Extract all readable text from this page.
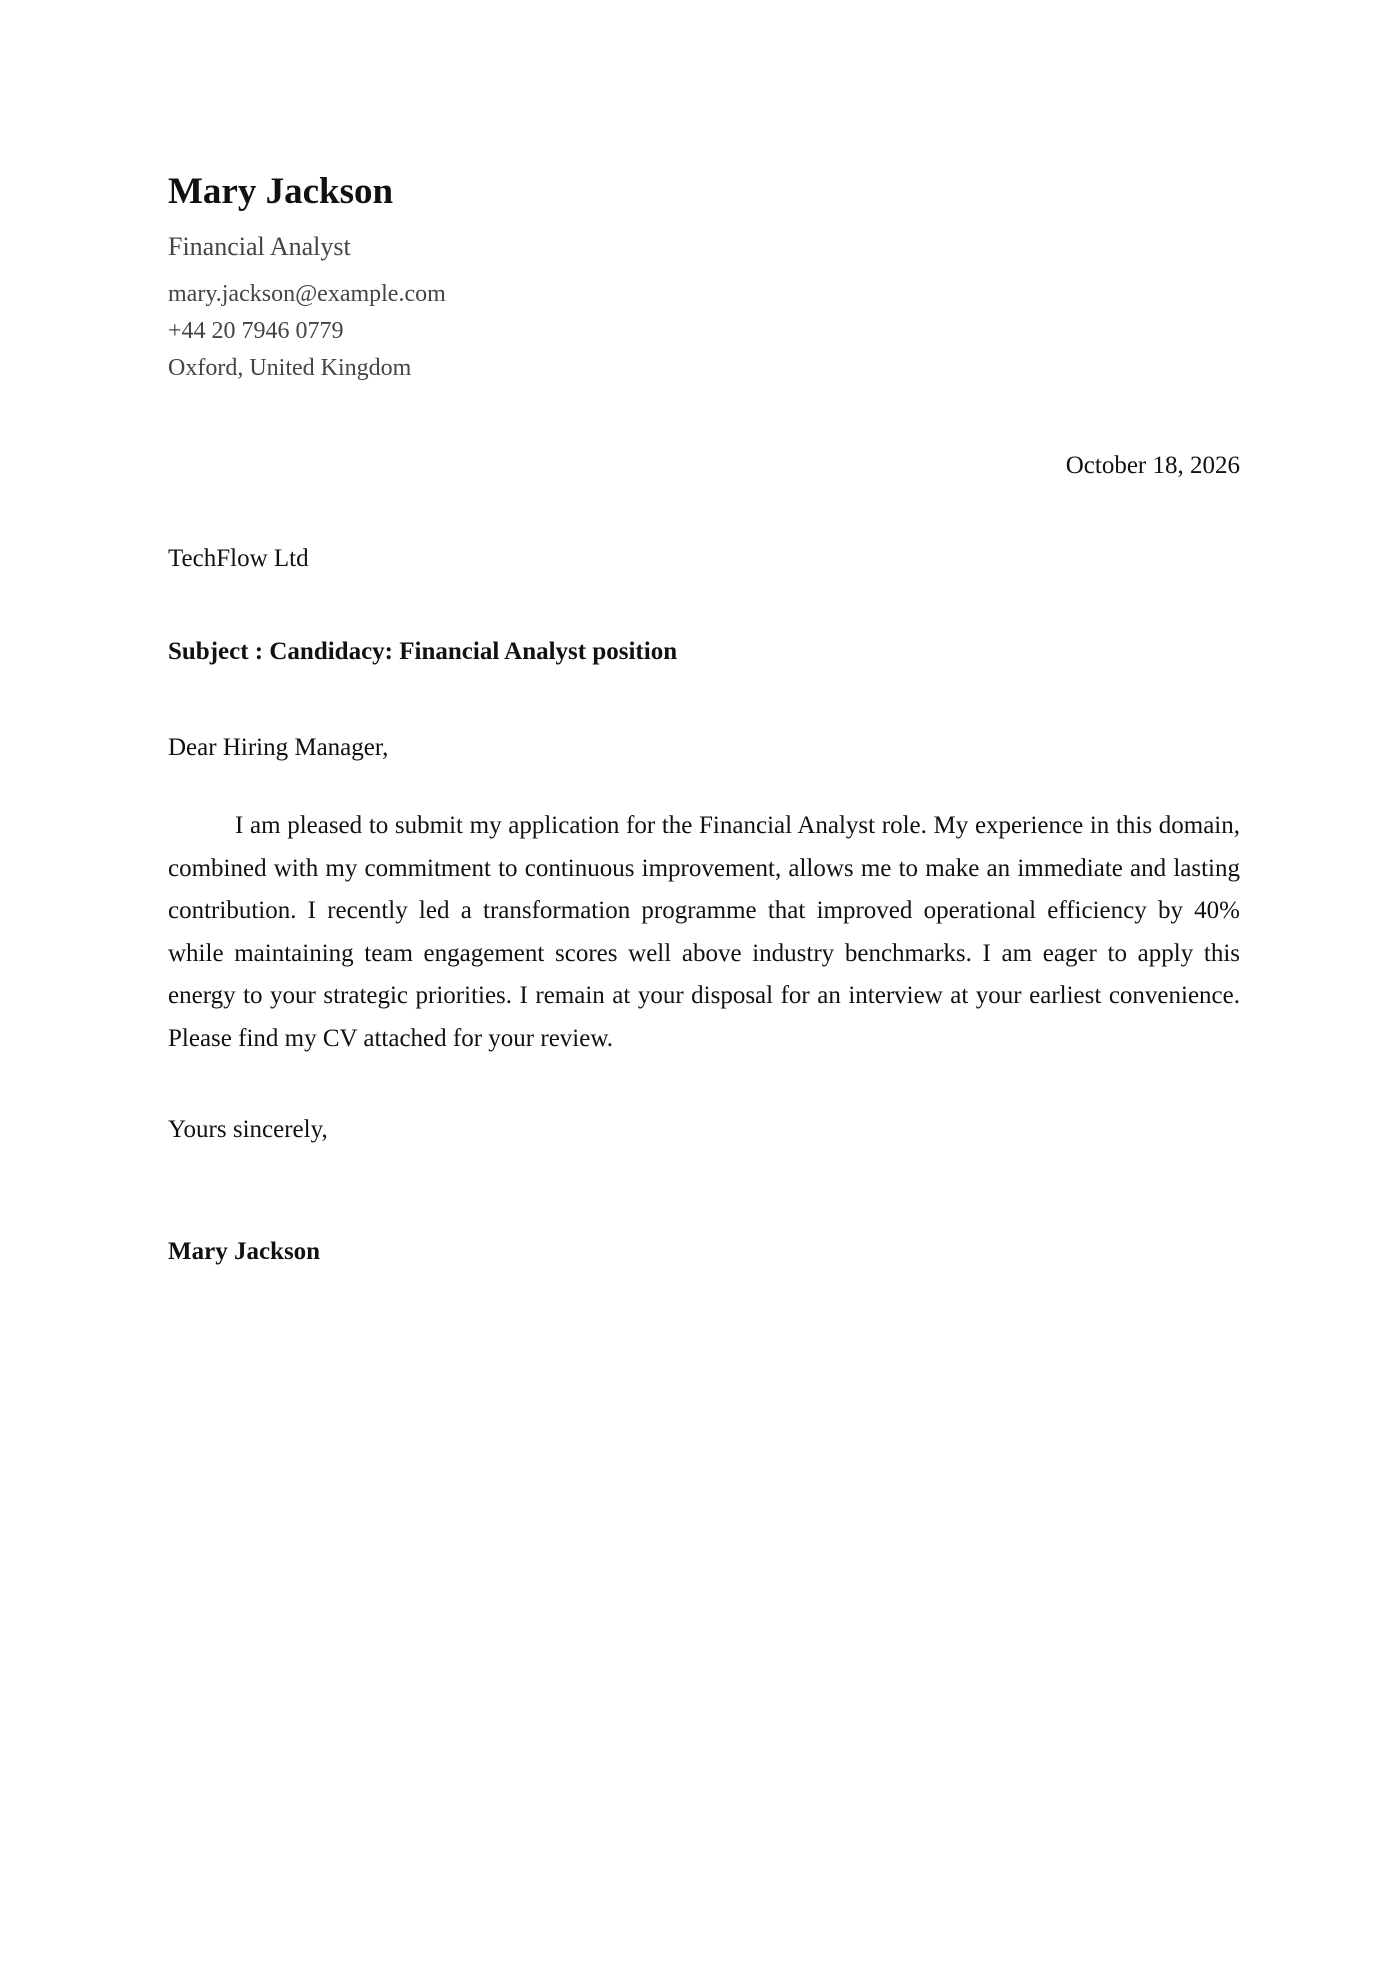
Mary Jackson
Financial Analyst
mary.jackson@example.com
+44 20 7946 0779
Oxford, United Kingdom
October 18, 2026
TechFlow Ltd
Subject : Candidacy: Financial Analyst position
Dear Hiring Manager,

I am pleased to submit my application for the Financial Analyst role. My experience in this domain, combined with my commitment to continuous improvement, allows me to make an immediate and lasting contribution. I recently led a transformation programme that improved operational efficiency by 40% while maintaining team engagement scores well above industry benchmarks. I am eager to apply this energy to your strategic priorities. I remain at your disposal for an interview at your earliest convenience. Please find my CV attached for your review.

Yours sincerely,
Mary Jackson
